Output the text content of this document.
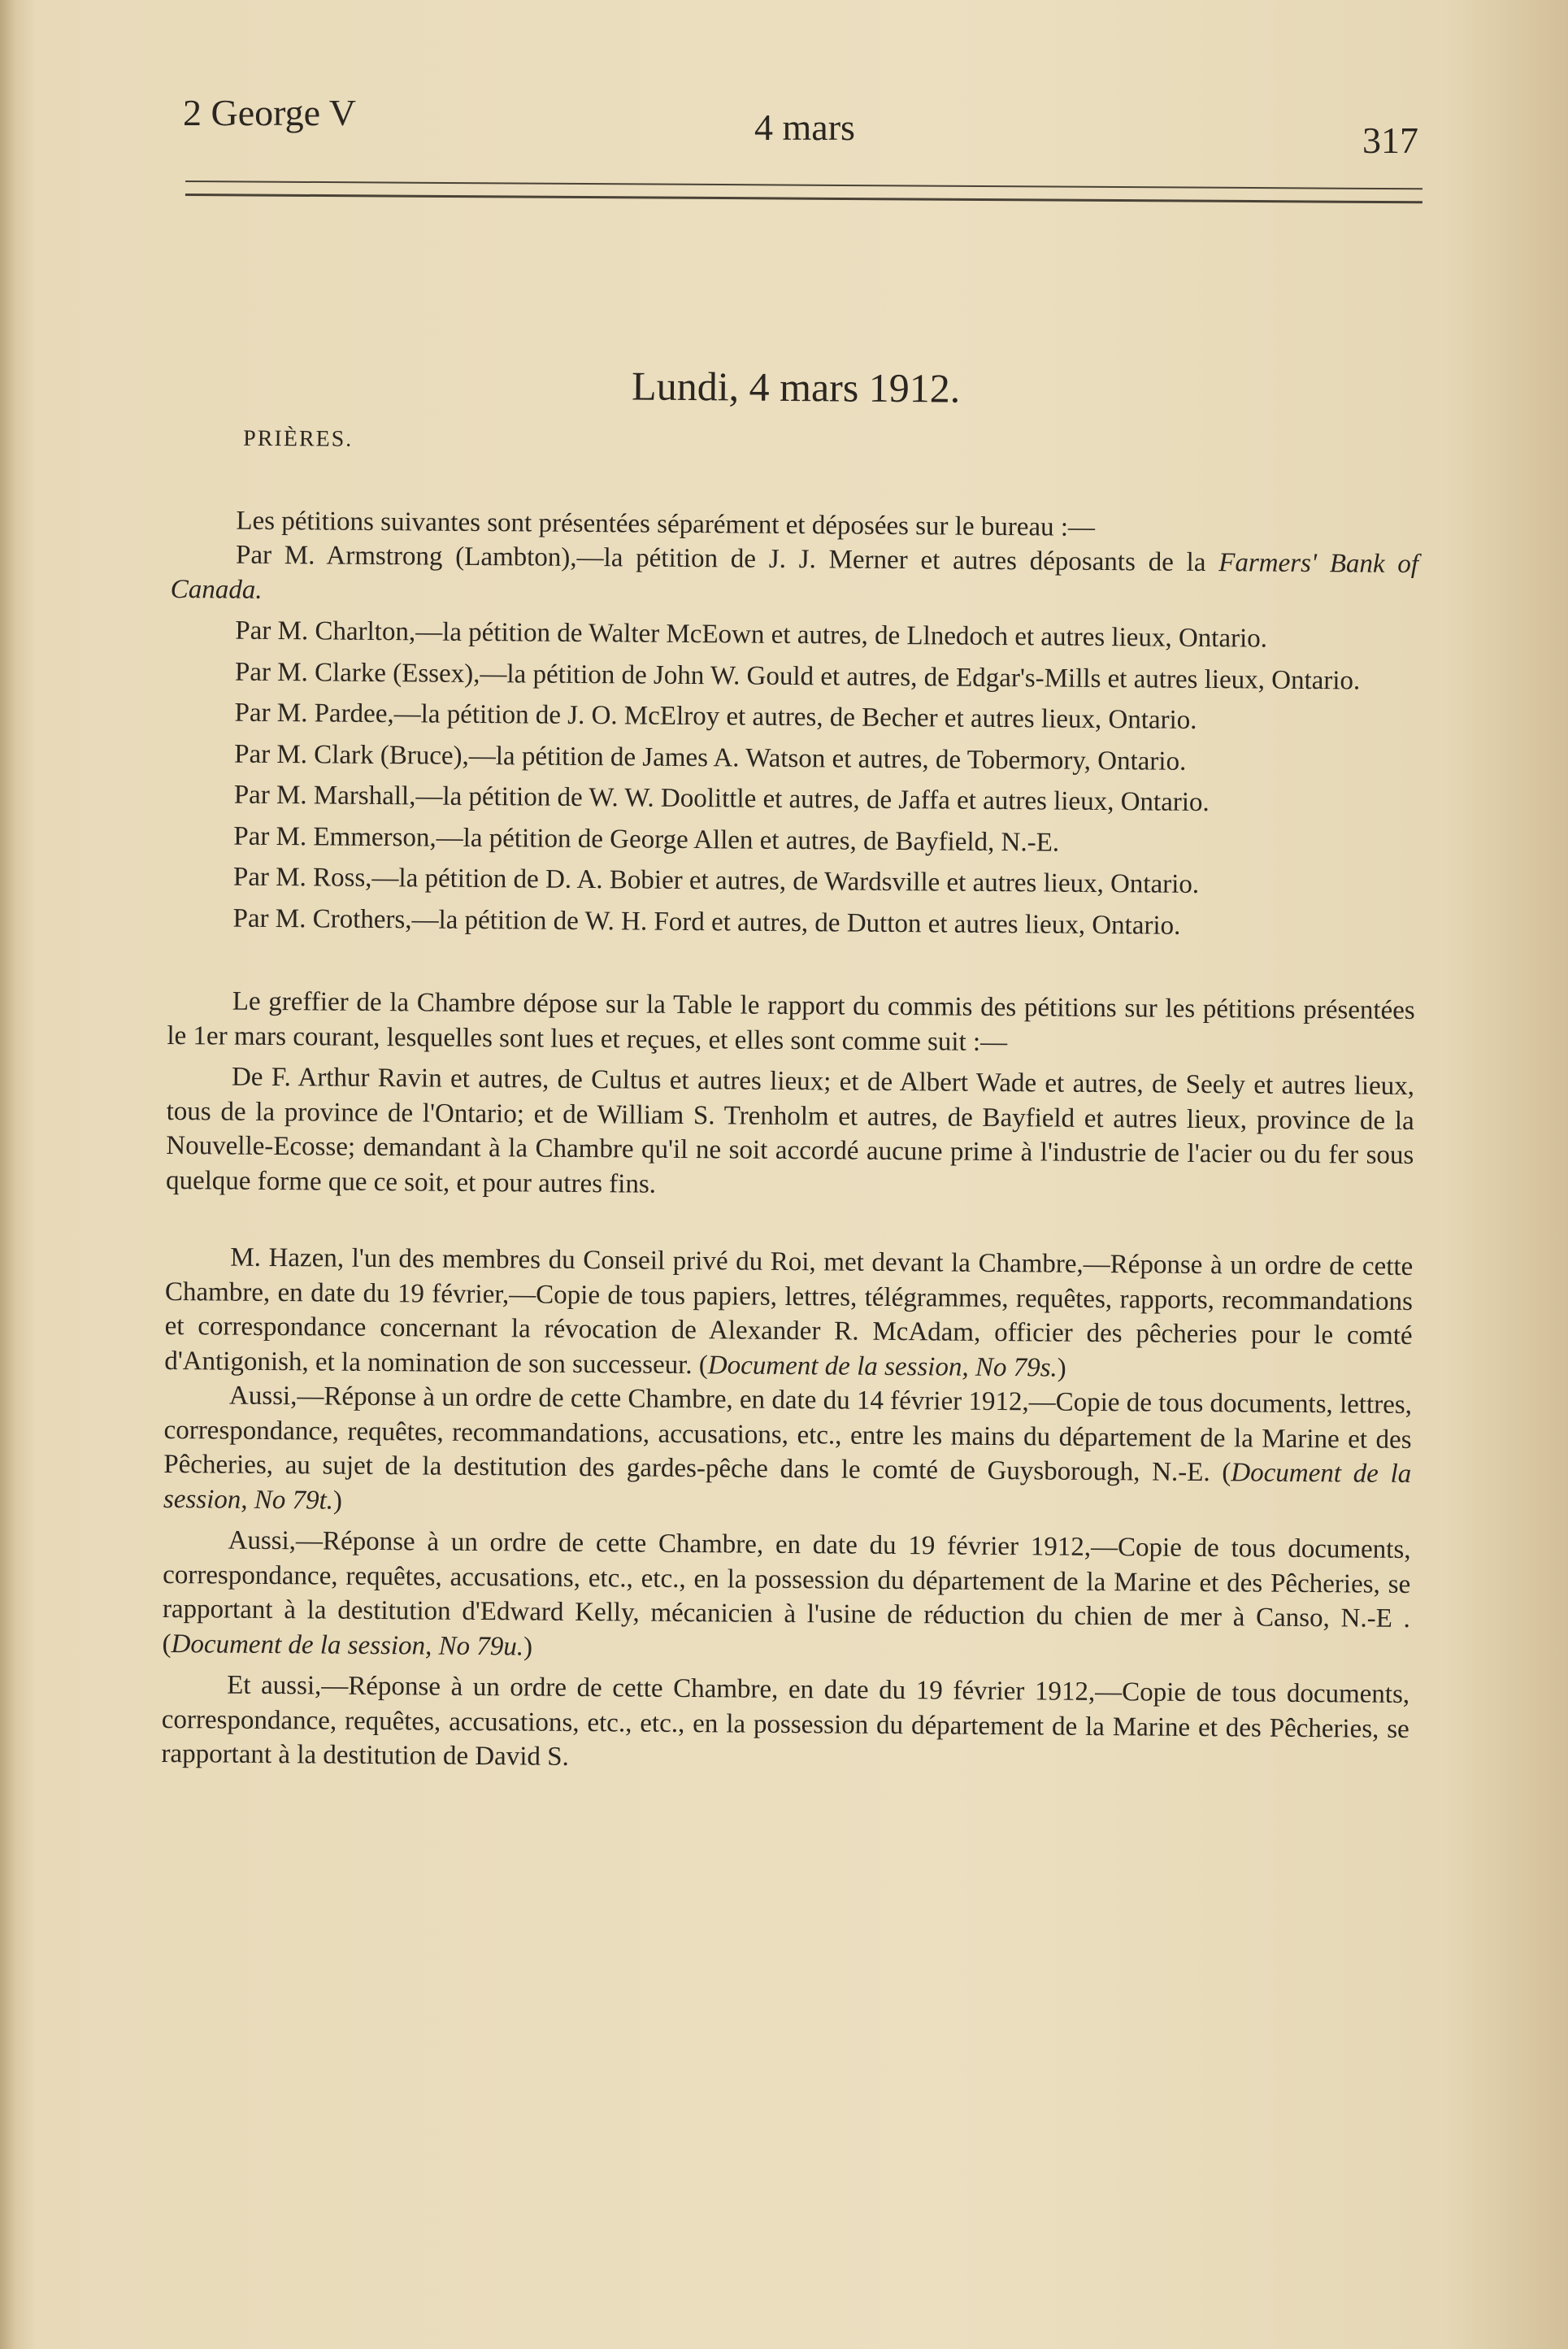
2 George V	4 mars	317
Lundi, 4 mars 1912.
PRIÈRES.

Les pétitions suivantes sont présentées séparément et déposées sur le bureau :—

Par M. Armstrong (Lambton),—la pétition de J. J. Merner et autres déposants de la Farmers' Bank of Canada.

Par M. Charlton,—la pétition de Walter McEown et autres, de Llnedoch et autres lieux, Ontario.

Par M. Clarke (Essex),—la pétition de John W. Gould et autres, de Edgar's-Mills et autres lieux, Ontario.

Par M. Pardee,—la pétition de J. O. McElroy et autres, de Becher et autres lieux, Ontario.

Par M. Clark (Bruce),—la pétition de James A. Watson et autres, de Tobermory, Ontario.

Par M. Marshall,—la pétition de W. W. Doolittle et autres, de Jaffa et autres lieux, Ontario.

Par M. Emmerson,—la pétition de George Allen et autres, de Bayfield, N.-E.

Par M. Ross,—la pétition de D. A. Bobier et autres, de Wardsville et autres lieux, Ontario.

Par M. Crothers,—la pétition de W. H. Ford et autres, de Dutton et autres lieux, Ontario.

Le greffier de la Chambre dépose sur la Table le rapport du commis des pétitions sur les pétitions présentées le 1er mars courant, lesquelles sont lues et reçues, et elles sont comme suit :—

De F. Arthur Ravin et autres, de Cultus et autres lieux; et de Albert Wade et autres, de Seely et autres lieux, tous de la province de l'Ontario; et de William S. Trenholm et autres, de Bayfield et autres lieux, province de la Nouvelle-Ecosse; demandant à la Chambre qu'il ne soit accordé aucune prime à l'industrie de l'acier ou du fer sous quelque forme que ce soit, et pour autres fins.

M. Hazen, l'un des membres du Conseil privé du Roi, met devant la Chambre,—Réponse à un ordre de cette Chambre, en date du 19 février,—Copie de tous papiers, lettres, télégrammes, requêtes, rapports, recommandations et correspondance concernant la révocation de Alexander R. McAdam, officier des pêcheries pour le comté d'Antigonish, et la nomination de son successeur. (Document de la session, No 79s.)

Aussi,—Réponse à un ordre de cette Chambre, en date du 14 février 1912,—Copie de tous documents, lettres, correspondance, requêtes, recommandations, accusations, etc., entre les mains du département de la Marine et des Pêcheries, au sujet de la destitution des gardes-pêche dans le comté de Guysborough, N.-E. (Document de la session, No 79t.)

Aussi,—Réponse à un ordre de cette Chambre, en date du 19 février 1912,—Copie de tous documents, correspondance, requêtes, accusations, etc., etc., en la possession du département de la Marine et des Pêcheries, se rapportant à la destitution d'Edward Kelly, mécanicien à l'usine de réduction du chien de mer à Canso, N.-E . (Document de la session, No 79u.)

Et aussi,—Réponse à un ordre de cette Chambre, en date du 19 février 1912,—Copie de tous documents, correspondance, requêtes, accusations, etc., etc., en la possession du département de la Marine et des Pêcheries, se rapportant à la destitution de David S.
